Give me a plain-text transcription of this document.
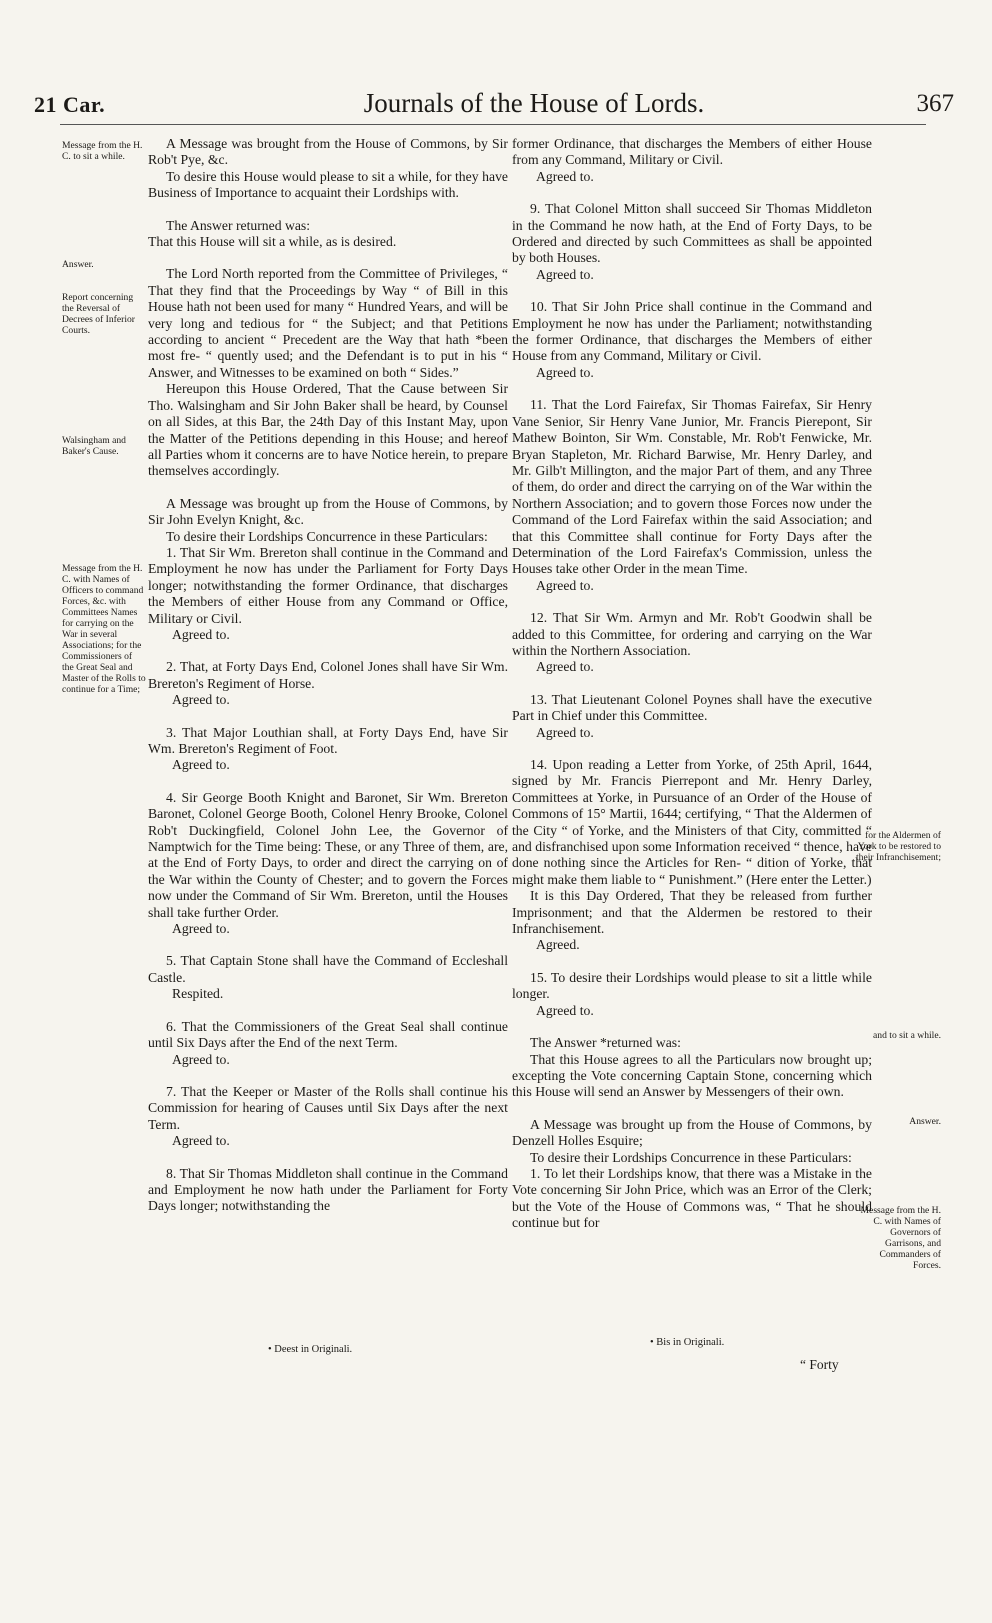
21 Car.	Journals of the House of Lords.	367

A Message was brought from the House of Commons, by Sir Rob't Pye, &c.

To desire this House would please to sit a while, for they have Business of Importance to acquaint their Lordships with.

The Answer returned was:

That this House will sit a while, as is desired.

The Lord North reported from the Committee of Privileges, “ That they find that the Proceedings by Way “ of Bill in this House hath not been used for many “ Hundred Years, and will be very long and tedious for “ the Subject; and that Petitions according to ancient “ Precedent are the Way that hath *been most fre- “ quently used; and the Defendant is to put in his “ Answer, and Witnesses to be examined on both “ Sides.”

Hereupon this House Ordered, That the Cause between Sir Tho. Walsingham and Sir John Baker shall be heard, by Counsel on all Sides, at this Bar, the 24th Day of this Instant May, upon the Matter of the Petitions depending in this House; and hereof all Parties whom it concerns are to have Notice herein, to prepare themselves accordingly.

A Message was brought up from the House of Commons, by Sir John Evelyn Knight, &c.

To desire their Lordships Concurrence in these Particulars:

1. That Sir Wm. Brereton shall continue in the Command and Employment he now has under the Parliament for Forty Days longer; notwithstanding the former Ordinance, that discharges the Members of either House from any Command or Office, Military or Civil.

Agreed to.

2. That, at Forty Days End, Colonel Jones shall have Sir Wm. Brereton's Regiment of Horse.

Agreed to.

3. That Major Louthian shall, at Forty Days End, have Sir Wm. Brereton's Regiment of Foot.

Agreed to.

4. Sir George Booth Knight and Baronet, Sir Wm. Brereton Baronet, Colonel George Booth, Colonel Henry Brooke, Colonel Rob't Duckingfield, Colonel John Lee, the Governor of Namptwich for the Time being: These, or any Three of them, are, at the End of Forty Days, to order and direct the carrying on of the War within the County of Chester; and to govern the Forces now under the Command of Sir Wm. Brereton, until the Houses shall take further Order.

Agreed to.

5. That Captain Stone shall have the Command of Eccleshall Castle.

Respited.

6. That the Commissioners of the Great Seal shall continue until Six Days after the End of the next Term.

Agreed to.

7. That the Keeper or Master of the Rolls shall continue his Commission for hearing of Causes until Six Days after the next Term.

Agreed to.

8. That Sir Thomas Middleton shall continue in the Command and Employment he now hath under the Parliament for Forty Days longer; notwithstanding the

former Ordinance, that discharges the Members of either House from any Command, Military or Civil.

Agreed to.

9. That Colonel Mitton shall succeed Sir Thomas Middleton in the Command he now hath, at the End of Forty Days, to be Ordered and directed by such Committees as shall be appointed by both Houses.

Agreed to.

10. That Sir John Price shall continue in the Command and Employment he now has under the Parliament; notwithstanding the former Ordinance, that discharges the Members of either House from any Command, Military or Civil.

Agreed to.

11. That the Lord Fairefax, Sir Thomas Fairefax, Sir Henry Vane Senior, Sir Henry Vane Junior, Mr. Francis Pierepont, Sir Mathew Bointon, Sir Wm. Constable, Mr. Rob't Fenwicke, Mr. Bryan Stapleton, Mr. Richard Barwise, Mr. Henry Darley, and Mr. Gilb't Millington, and the major Part of them, and any Three of them, do order and direct the carrying on of the War within the Northern Association; and to govern those Forces now under the Command of the Lord Fairefax within the said Association; and that this Committee shall continue for Forty Days after the Determination of the Lord Fairefax's Commission, unless the Houses take other Order in the mean Time.

Agreed to.

12. That Sir Wm. Armyn and Mr. Rob't Goodwin shall be added to this Committee, for ordering and carrying on the War within the Northern Association.

Agreed to.

13. That Lieutenant Colonel Poynes shall have the executive Part in Chief under this Committee.

Agreed to.

14. Upon reading a Letter from Yorke, of 25th April, 1644, signed by Mr. Francis Pierrepont and Mr. Henry Darley, Committees at Yorke, in Pursuance of an Order of the House of Commons of 15° Martii, 1644; certifying, “ That the Aldermen of the City “ of Yorke, and the Ministers of that City, committed “ and disfranchised upon some Information received “ thence, have done nothing since the Articles for Ren- “ dition of Yorke, that might make them liable to “ Punishment.” (Here enter the Letter.)

It is this Day Ordered, That they be released from further Imprisonment; and that the Aldermen be restored to their Infranchisement.

Agreed.

15. To desire their Lordships would please to sit a little while longer.

Agreed to.

The Answer *returned was:

That this House agrees to all the Particulars now brought up; excepting the Vote concerning Captain Stone, concerning which this House will send an Answer by Messengers of their own.

A Message was brought up from the House of Commons, by Denzell Holles Esquire;

To desire their Lordships Concurrence in these Particulars:

1. To let their Lordships know, that there was a Mistake in the Vote concerning Sir John Price, which was an Error of the Clerk; but the Vote of the House of Commons was, “ That he should continue but for

Message from the H. C. to sit a while.
Answer.
Report concerning the Reversal of Decrees of Inferior Courts.
Walsingham and Baker's Cause.
Message from the H. C. with Names of Officers to command Forces, &c. with Committees Names for carrying on the War in several Associations; for the Commissioners of the Great Seal and Master of the Rolls to continue for a Time;
for the Aldermen of York to be restored to their Infranchisement;
and to sit a while.
Answer.
Message from the H. C. with Names of Governors of Garrisons, and Commanders of Forces.
• Deest in Originali.
• Bis in Originali.
“ Forty
